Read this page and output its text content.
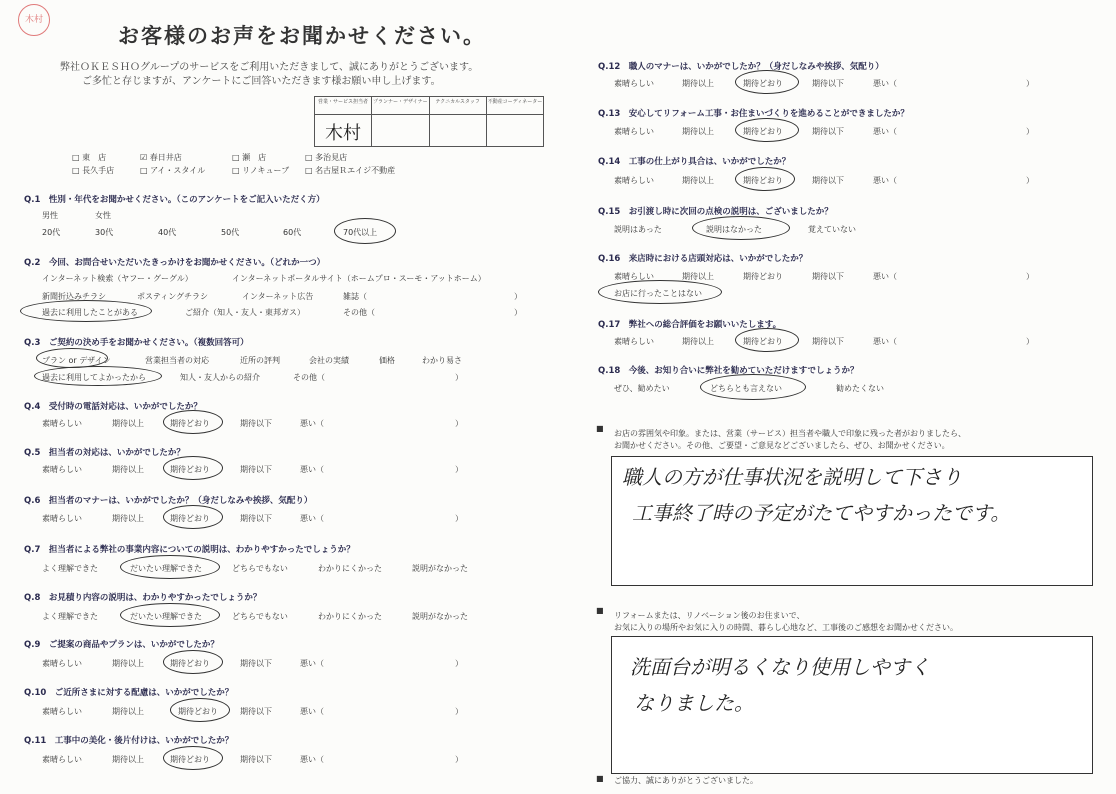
木村
お客様のお声をお聞かせください。
弊社ＯＫＥＳＨＯグループのサービスをご利用いただきまして、誠にありがとうございます。
ご多忙と存じますが、アンケートにご回答いただきます様お願い申し上げます。
営業・サービス担当者	プランナー・デザイナー	テクニカルスタッフ	不動産コーディネーター

木村			

□ 東　店	☑ 春日井店	□ 瀬　店	□ 多治見店
□ 長久手店	□ アイ・スタイル	□ リノキューブ □ 名古屋Ｒエイジ不動産
Q.1　性別・年代をお聞かせください。（このアンケートをご記入いただく方）
男性	女性
20代	30代	40代	50代	60代	70代以上
Q.2　今回、お問合せいただいたきっかけをお聞かせください。（どれか一つ）
インターネット検索（ヤフー・グーグル）	インターネットポータルサイト（ホームプロ・スーモ・アットホーム）
新聞折込みチラシ	ポスティングチラシ	インターネット広告	雑誌（	）
過去に利用したことがある	ご紹介（知人・友人・東邦ガス）	その他（	）
Q.3　ご契約の決め手をお聞かせください。（複数回答可）
プラン or デザイン	営業担当者の対応	近所の評判	会社の実績	価格	わかり易さ
過去に利用してよかったから	知人・友人からの紹介	その他（	）
Q.4　受付時の電話対応は、いかがでしたか？
素晴らしい	期待以上	期待どおり	期待以下	悪い（	）
Q.5　担当者の対応は、いかがでしたか？
素晴らしい	期待以上	期待どおり	期待以下	悪い（	）
Q.6　担当者のマナーは、いかがでしたか？（身だしなみや挨拶、気配り）
素晴らしい	期待以上	期待どおり	期待以下	悪い（	）
Q.7　担当者による弊社の事業内容についての説明は、わかりやすかったでしょうか？
よく理解できた	だいたい理解できた	どちらでもない	わかりにくかった	説明がなかった
Q.8　お見積り内容の説明は、わかりやすかったでしょうか？
よく理解できた	だいたい理解できた	どちらでもない	わかりにくかった	説明がなかった
Q.9　ご提案の商品やプランは、いかがでしたか？
素晴らしい	期待以上	期待どおり	期待以下	悪い（	）
Q.10　ご近所さまに対する配慮は、いかがでしたか？
素晴らしい	期待以上	期待どおり	期待以下	悪い（	）
Q.11　工事中の美化・後片付けは、いかがでしたか？
素晴らしい	期待以上	期待どおり	期待以下	悪い（	）
Q.12　職人のマナーは、いかがでしたか？（身だしなみや挨拶、気配り）
素晴らしい	期待以上	期待どおり	期待以下	悪い（	）
Q.13　安心してリフォーム工事・お住まいづくりを進めることができましたか？
素晴らしい	期待以上	期待どおり	期待以下	悪い（	）
Q.14　工事の仕上がり具合は、いかがでしたか？
素晴らしい	期待以上	期待どおり	期待以下	悪い（	）
Q.15　お引渡し時に次回の点検の説明は、ございましたか？
説明はあった	説明はなかった	覚えていない
Q.16　来店時における店頭対応は、いかがでしたか？
素晴らしい	期待以上	期待どおり	期待以下	悪い（	）
お店に行ったことはない
Q.17　弊社への総合評価をお願いいたします。
素晴らしい	期待以上	期待どおり	期待以下	悪い（	）
Q.18　今後、お知り合いに弊社を勧めていただけますでしょうか？
ぜひ、勧めたい	どちらとも言えない	勧めたくない
■
お店の雰囲気や印象。または、営業（サービス）担当者や職人で印象に残った者がおりましたら、
お聞かせください。その他、ご要望・ご意見などございましたら、ぜひ、お聞かせください。
職人の方が仕事状況を説明して下さり
工事終了時の予定がたてやすかったです。
■
リフォームまたは、リノベーション後のお住まいで、
お気に入りの場所やお気に入りの時間、暮らし心地など、工事後のご感想をお聞かせください。
洗面台が明るくなり使用しやすく
なりました。
■ ご協力、誠にありがとうございました。
